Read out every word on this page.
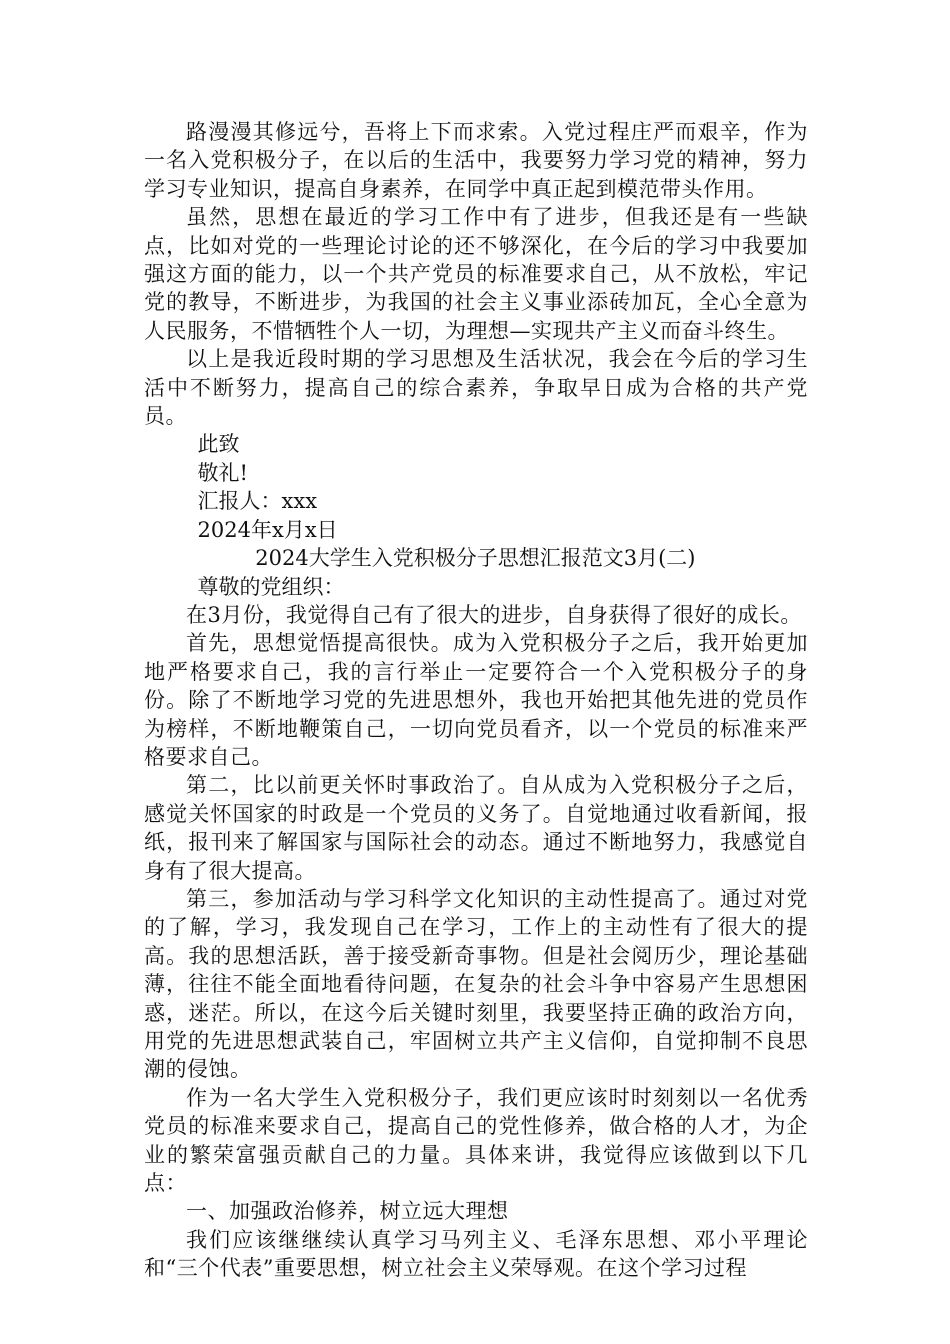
路漫漫其修远兮，吾将上下而求索。入党过程庄严而艰辛，作为一名入党积极分子，在以后的生活中，我要努力学习党的精神，努力学习专业知识，提高自身素养，在同学中真正起到模范带头作用。

虽然，思想在最近的学习工作中有了进步，但我还是有一些缺点，比如对党的一些理论讨论的还不够深化，在今后的学习中我要加强这方面的能力，以一个共产党员的标准要求自己，从不放松，牢记党的教导，不断进步，为我国的社会主义事业添砖加瓦，全心全意为人民服务，不惜牺牲个人一切，为理想—实现共产主义而奋斗终生。

以上是我近段时期的学习思想及生活状况，我会在今后的学习生活中不断努力，提高自己的综合素养，争取早日成为合格的共产党员。

此致

敬礼!

汇报人：xxx

2024年x月x日

2024大学生入党积极分子思想汇报范文3月(二)

尊敬的党组织：

在3月份，我觉得自己有了很大的进步，自身获得了很好的成长。

首先，思想觉悟提高很快。成为入党积极分子之后，我开始更加地严格要求自己，我的言行举止一定要符合一个入党积极分子的身份。除了不断地学习党的先进思想外，我也开始把其他先进的党员作为榜样，不断地鞭策自己，一切向党员看齐，以一个党员的标准来严格要求自己。

第二，比以前更关怀时事政治了。自从成为入党积极分子之后，感觉关怀国家的时政是一个党员的义务了。自觉地通过收看新闻，报纸，报刊来了解国家与国际社会的动态。通过不断地努力，我感觉自身有了很大提高。

第三，参加活动与学习科学文化知识的主动性提高了。通过对党的了解，学习，我发现自己在学习，工作上的主动性有了很大的提高。我的思想活跃，善于接受新奇事物。但是社会阅历少，理论基础薄，往往不能全面地看待问题，在复杂的社会斗争中容易产生思想困惑，迷茫。所以，在这今后关键时刻里，我要坚持正确的政治方向，用党的先进思想武装自己，牢固树立共产主义信仰，自觉抑制不良思潮的侵蚀。

作为一名大学生入党积极分子，我们更应该时时刻刻以一名优秀党员的标准来要求自己，提高自己的党性修养，做合格的人才，为企业的繁荣富强贡献自己的力量。具体来讲，我觉得应该做到以下几点：

一、加强政治修养，树立远大理想

我们应该继继续认真学习马列主义、毛泽东思想、邓小平理论和“三个代表”重要思想，树立社会主义荣辱观。在这个学习过程
